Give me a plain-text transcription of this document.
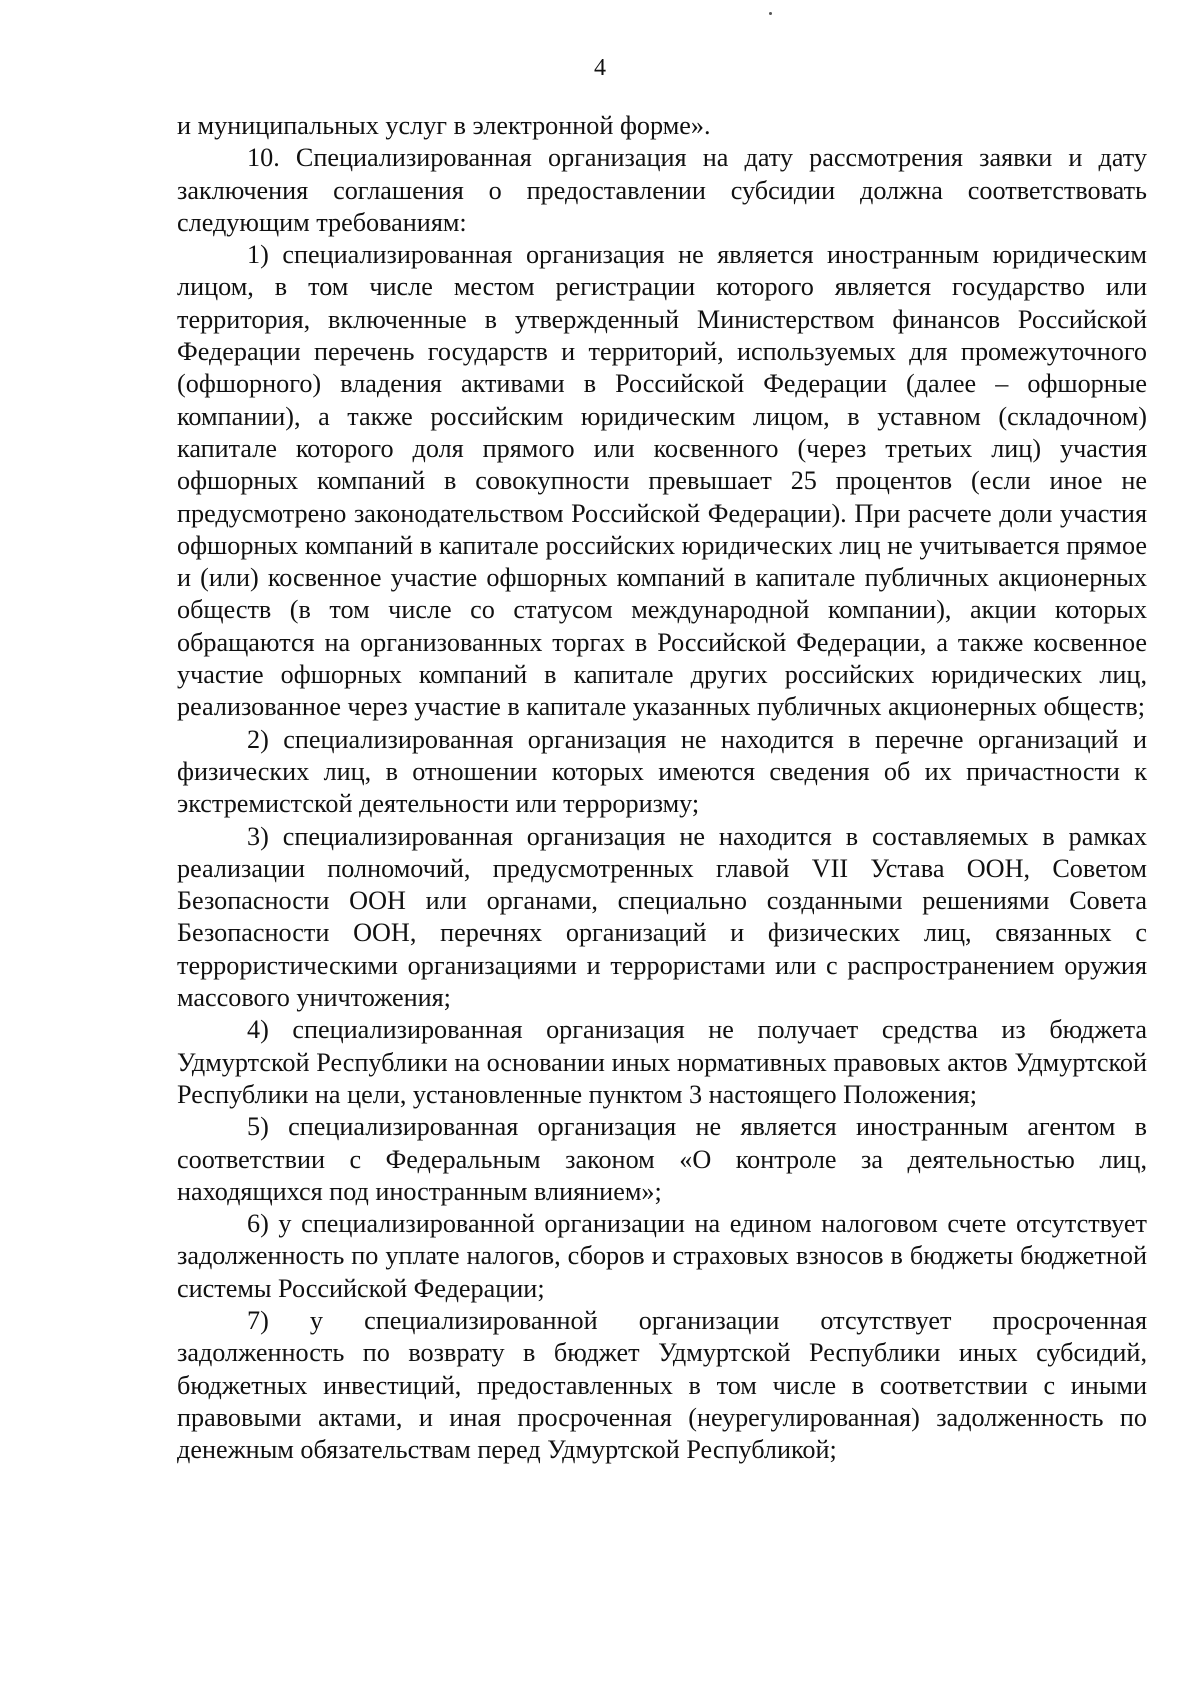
4

и муниципальных услуг в электронной форме».

10. Специализированная организация на дату рассмотрения заявки и дату заключения соглашения о предоставлении субсидии должна соответствовать следующим требованиям:

1) специализированная организация не является иностранным юридическим лицом, в том числе местом регистрации которого является государство или территория, включенные в утвержденный Министерством финансов Российской Федерации перечень государств и территорий, используемых для промежуточного (офшорного) владения активами в Российской Федерации (далее – офшорные компании), а также российским юридическим лицом, в уставном (складочном) капитале которого доля прямого или косвенного (через третьих лиц) участия офшорных компаний в совокупности превышает 25 процентов (если иное не предусмотрено законодательством Российской Федерации). При расчете доли участия офшорных компаний в капитале российских юридических лиц не учитывается прямое и (или) косвенное участие офшорных компаний в капитале публичных акционерных обществ (в том числе со статусом международной компании), акции которых обращаются на организованных торгах в Российской Федерации, а также косвенное участие офшорных компаний в капитале других российских юридических лиц, реализованное через участие в капитале указанных публичных акционерных обществ;

2) специализированная организация не находится в перечне организаций и физических лиц, в отношении которых имеются сведения об их причастности к экстремистской деятельности или терроризму;

3) специализированная организация не находится в составляемых в рамках реализации полномочий, предусмотренных главой VII Устава ООН, Советом Безопасности ООН или органами, специально созданными решениями Совета Безопасности ООН, перечнях организаций и физических лиц, связанных с террористическими организациями и террористами или с распространением оружия массового уничтожения;

4) специализированная организация не получает средства из бюджета Удмуртской Республики на основании иных нормативных правовых актов Удмуртской Республики на цели, установленные пунктом 3 настоящего Положения;

5) специализированная организация не является иностранным агентом в соответствии с Федеральным законом «О контроле за деятельностью лиц, находящихся под иностранным влиянием»;

6) у специализированной организации на едином налоговом счете отсутствует задолженность по уплате налогов, сборов и страховых взносов в бюджеты бюджетной системы Российской Федерации;

7) у специализированной организации отсутствует просроченная задолженность по возврату в бюджет Удмуртской Республики иных субсидий, бюджетных инвестиций, предоставленных в том числе в соответствии с иными правовыми актами, и иная просроченная (неурегулированная) задолженность по денежным обязательствам перед Удмуртской Республикой;
